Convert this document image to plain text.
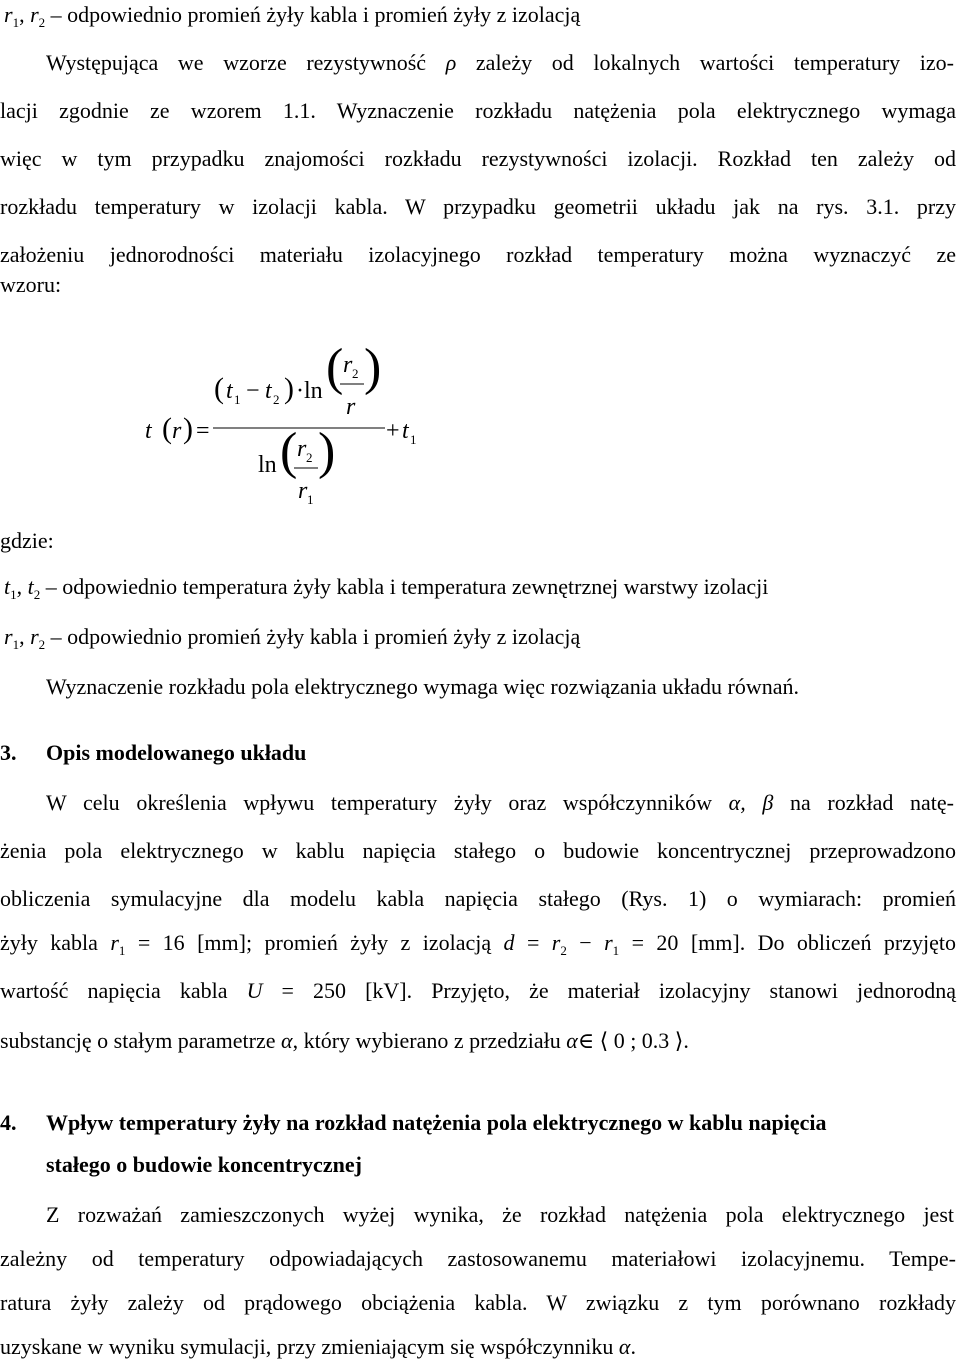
$r_1$, $r_2$ – odpowiednio promień żyły kabla i promień żyły z izolacją
Występująca we wzorze rezystywność ρ zależy od lokalnych wartości temperatury izo-
lacji zgodnie ze wzorem 1.1. Wyznaczenie rozkładu natężenia pola elektrycznego wymaga
więc w tym przypadku znajomości rozkładu rezystywności izolacji. Rozkład ten zależy od
rozkładu temperatury w izolacji kabla. W przypadku geometrii układu jak na rys. 3.1. przy
założeniu jednorodności materiału izolacyjnego rozkład temperatury można wyznaczyć ze
wzoru:
t ( r ) =
( t 1 − t 2 ) · ln ( r 2
r
)
ln ( r 2
r 1
) + t 1
gdzie:
$t_1$, $t_2$ – odpowiednio temperatura żyły kabla i temperatura zewnętrznej warstwy izolacji
$r_1$, $r_2$ – odpowiednio promień żyły kabla i promień żyły z izolacją
Wyznaczenie rozkładu pola elektrycznego wymaga więc rozwiązania układu równań.
3. Opis modelowanego układu
W celu określenia wpływu temperatury żyły oraz współczynników α, β na rozkład natę-
żenia pola elektrycznego w kablu napięcia stałego o budowie koncentrycznej przeprowadzono
obliczenia symulacyjne dla modelu kabla napięcia stałego (Rys. 1) o wymiarach: promień
żyły kabla $r_1 = 16$ [mm]; promień żyły z izolacją $d = r_2 - r_1 = 20$ [mm]. Do obliczeń przyjęto
wartość napięcia kabla U = 250 [kV]. Przyjęto, że materiał izolacyjny stanowi jednorodną
substancję o stałym parametrze α, który wybierano z przedziału α∈ ⟨ 0 ; 0.3 ⟩.
4. Wpływ temperatury żyły na rozkład natężenia pola elektrycznego w kablu napięcia
stałego o budowie koncentrycznej
Z rozważań zamieszczonych wyżej wynika, że rozkład natężenia pola elektrycznego jest
zależny od temperatury odpowiadających zastosowanemu materiałowi izolacyjnemu. Tempe-
ratura żyły zależy od prądowego obciążenia kabla. W związku z tym porównano rozkłady
uzyskane w wyniku symulacji, przy zmieniającym się współczynniku α.
